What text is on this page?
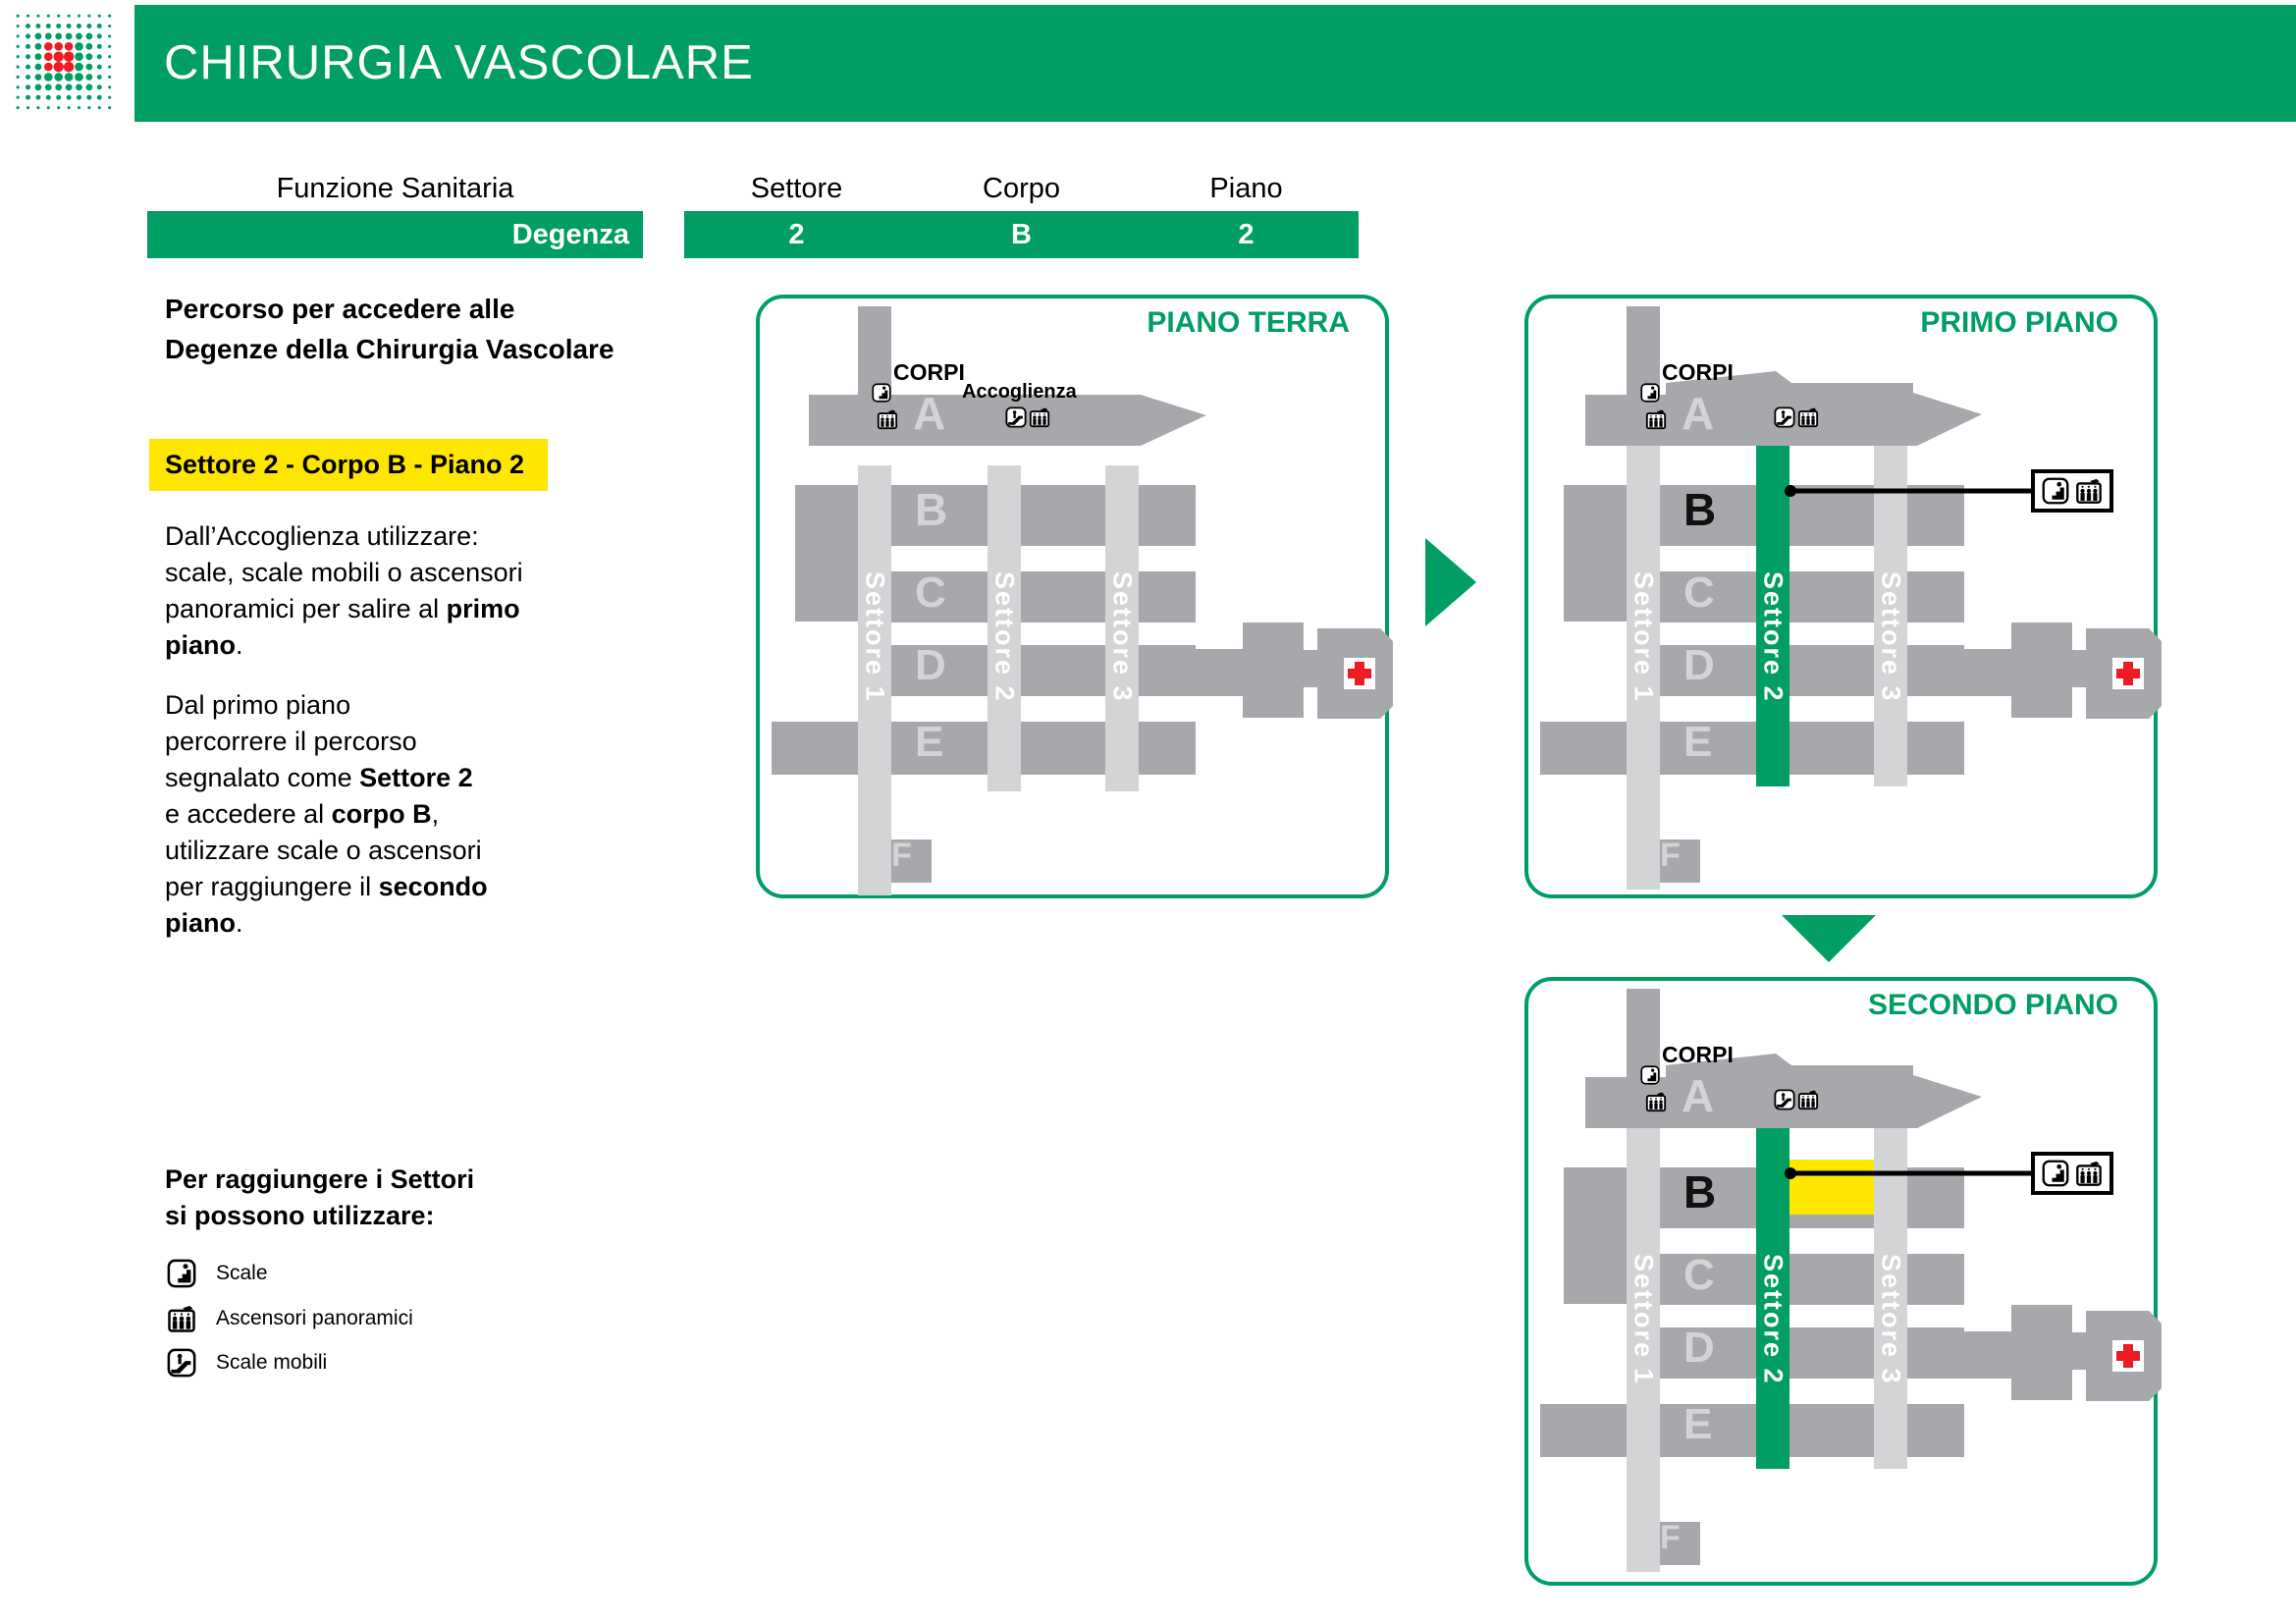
CHIRURGIA VASCOLARE
Funzione Sanitaria	Settore	Corpo	Piano
Degenza	2	B	2
Percorso per accedere alle
Degenze della Chirurgia Vascolare
Settore 2 - Corpo B - Piano 2
Dall’Accoglienza utilizzare:
scale, scale mobili o ascensori
panoramici per salire al primo
piano.
Dal primo piano
percorrere il percorso
segnalato come Settore 2
e accedere al corpo B,
utilizzare scale o ascensori
per raggiungere il secondo
piano.
Per raggiungere i Settori
si possono utilizzare:
Scale
Ascensori panoramici
Scale mobili
PIANO TERRA
CORPI
Accoglienza
A
B
C
D
E
F
Settore 1	Settore 2	Settore 3
PRIMO PIANO
CORPI
A
B
C
D
E
F
Settore 1	Settore 2	Settore 3
SECONDO PIANO
CORPI
A
B
C
D
E
F
Settore 1	Settore 2	Settore 3
